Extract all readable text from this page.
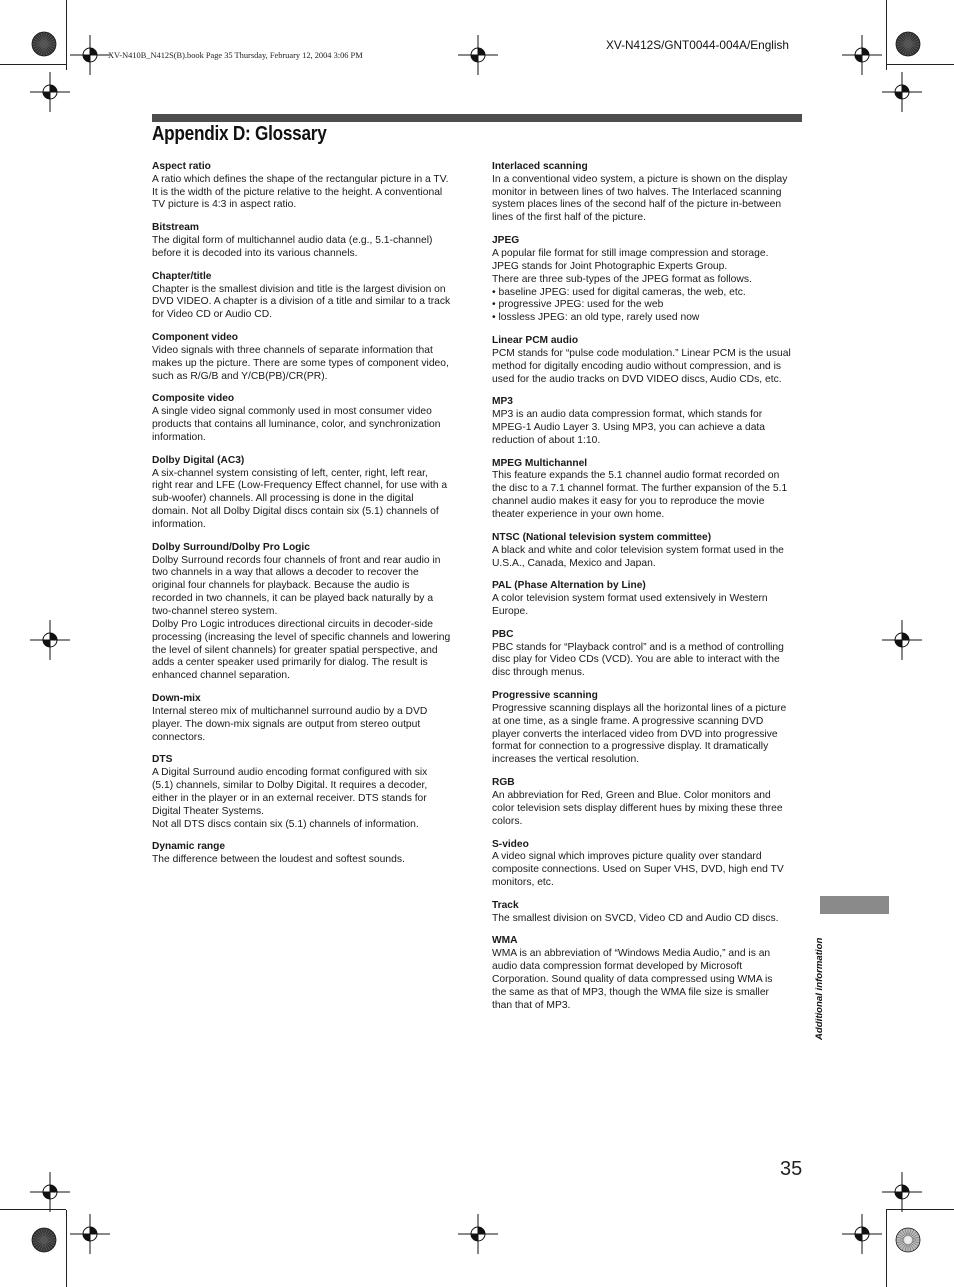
XV-N410B_N412S(B).book Page 35 Thursday, February 12, 2004 3:06 PM
XV-N412S/GNT0044-004A/English
Appendix D: Glossary

Aspect ratio

A ratio which defines the shape of the rectangular picture in a TV.

It is the width of the picture relative to the height. A conventional

TV picture is 4:3 in aspect ratio.

Bitstream

The digital form of multichannel audio data (e.g., 5.1-channel)

before it is decoded into its various channels.

Chapter/title

Chapter is the smallest division and title is the largest division on

DVD VIDEO. A chapter is a division of a title and similar to a track

for Video CD or Audio CD.

Component video

Video signals with three channels of separate information that

makes up the picture. There are some types of component video,

such as R/G/B and Y/CB(PB)/CR(PR).

Composite video

A single video signal commonly used in most consumer video

products that contains all luminance, color, and synchronization

information.

Dolby Digital (AC3)

A six-channel system consisting of left, center, right, left rear,

right rear and LFE (Low-Frequency Effect channel, for use with a

sub-woofer) channels. All processing is done in the digital

domain. Not all Dolby Digital discs contain six (5.1) channels of

information.

Dolby Surround/Dolby Pro Logic

Dolby Surround records four channels of front and rear audio in

two channels in a way that allows a decoder to recover the

original four channels for playback. Because the audio is

recorded in two channels, it can be played back naturally by a

two-channel stereo system.

Dolby Pro Logic introduces directional circuits in decoder-side

processing (increasing the level of specific channels and lowering

the level of silent channels) for greater spatial perspective, and

adds a center speaker used primarily for dialog. The result is

enhanced channel separation.

Down-mix

Internal stereo mix of multichannel surround audio by a DVD

player. The down-mix signals are output from stereo output

connectors.

DTS

A Digital Surround audio encoding format configured with six

(5.1) channels, similar to Dolby Digital. It requires a decoder,

either in the player or in an external receiver. DTS stands for

Digital Theater Systems.

Not all DTS discs contain six (5.1) channels of information.

Dynamic range

The difference between the loudest and softest sounds.

Interlaced scanning

In a conventional video system, a picture is shown on the display

monitor in between lines of two halves. The Interlaced scanning

system places lines of the second half of the picture in-between

lines of the first half of the picture.

JPEG

A popular file format for still image compression and storage.

JPEG stands for Joint Photographic Experts Group.

There are three sub-types of the JPEG format as follows.

• baseline JPEG: used for digital cameras, the web, etc.

• progressive JPEG: used for the web

• lossless JPEG: an old type, rarely used now

Linear PCM audio

PCM stands for “pulse code modulation.” Linear PCM is the usual

method for digitally encoding audio without compression, and is

used for the audio tracks on DVD VIDEO discs, Audio CDs, etc.

MP3

MP3 is an audio data compression format, which stands for

MPEG-1 Audio Layer 3. Using MP3, you can achieve a data

reduction of about 1:10.

MPEG Multichannel

This feature expands the 5.1 channel audio format recorded on

the disc to a 7.1 channel format. The further expansion of the 5.1

channel audio makes it easy for you to reproduce the movie

theater experience in your own home.

NTSC (National television system committee)

A black and white and color television system format used in the

U.S.A., Canada, Mexico and Japan.

PAL (Phase Alternation by Line)

A color television system format used extensively in Western

Europe.

PBC

PBC stands for “Playback control” and is a method of controlling

disc play for Video CDs (VCD). You are able to interact with the

disc through menus.

Progressive scanning

Progressive scanning displays all the horizontal lines of a picture

at one time, as a single frame. A progressive scanning DVD

player converts the interlaced video from DVD into progressive

format for connection to a progressive display. It dramatically

increases the vertical resolution.

RGB

An abbreviation for Red, Green and Blue. Color monitors and

color television sets display different hues by mixing these three

colors.

S-video

A video signal which improves picture quality over standard

composite connections. Used on Super VHS, DVD, high end TV

monitors, etc.

Track

The smallest division on SVCD, Video CD and Audio CD discs.

WMA

WMA is an abbreviation of “Windows Media Audio,” and is an

audio data compression format developed by Microsoft

Corporation. Sound quality of data compressed using WMA is

the same as that of MP3, though the WMA file size is smaller

than that of MP3.	Additional information
35
